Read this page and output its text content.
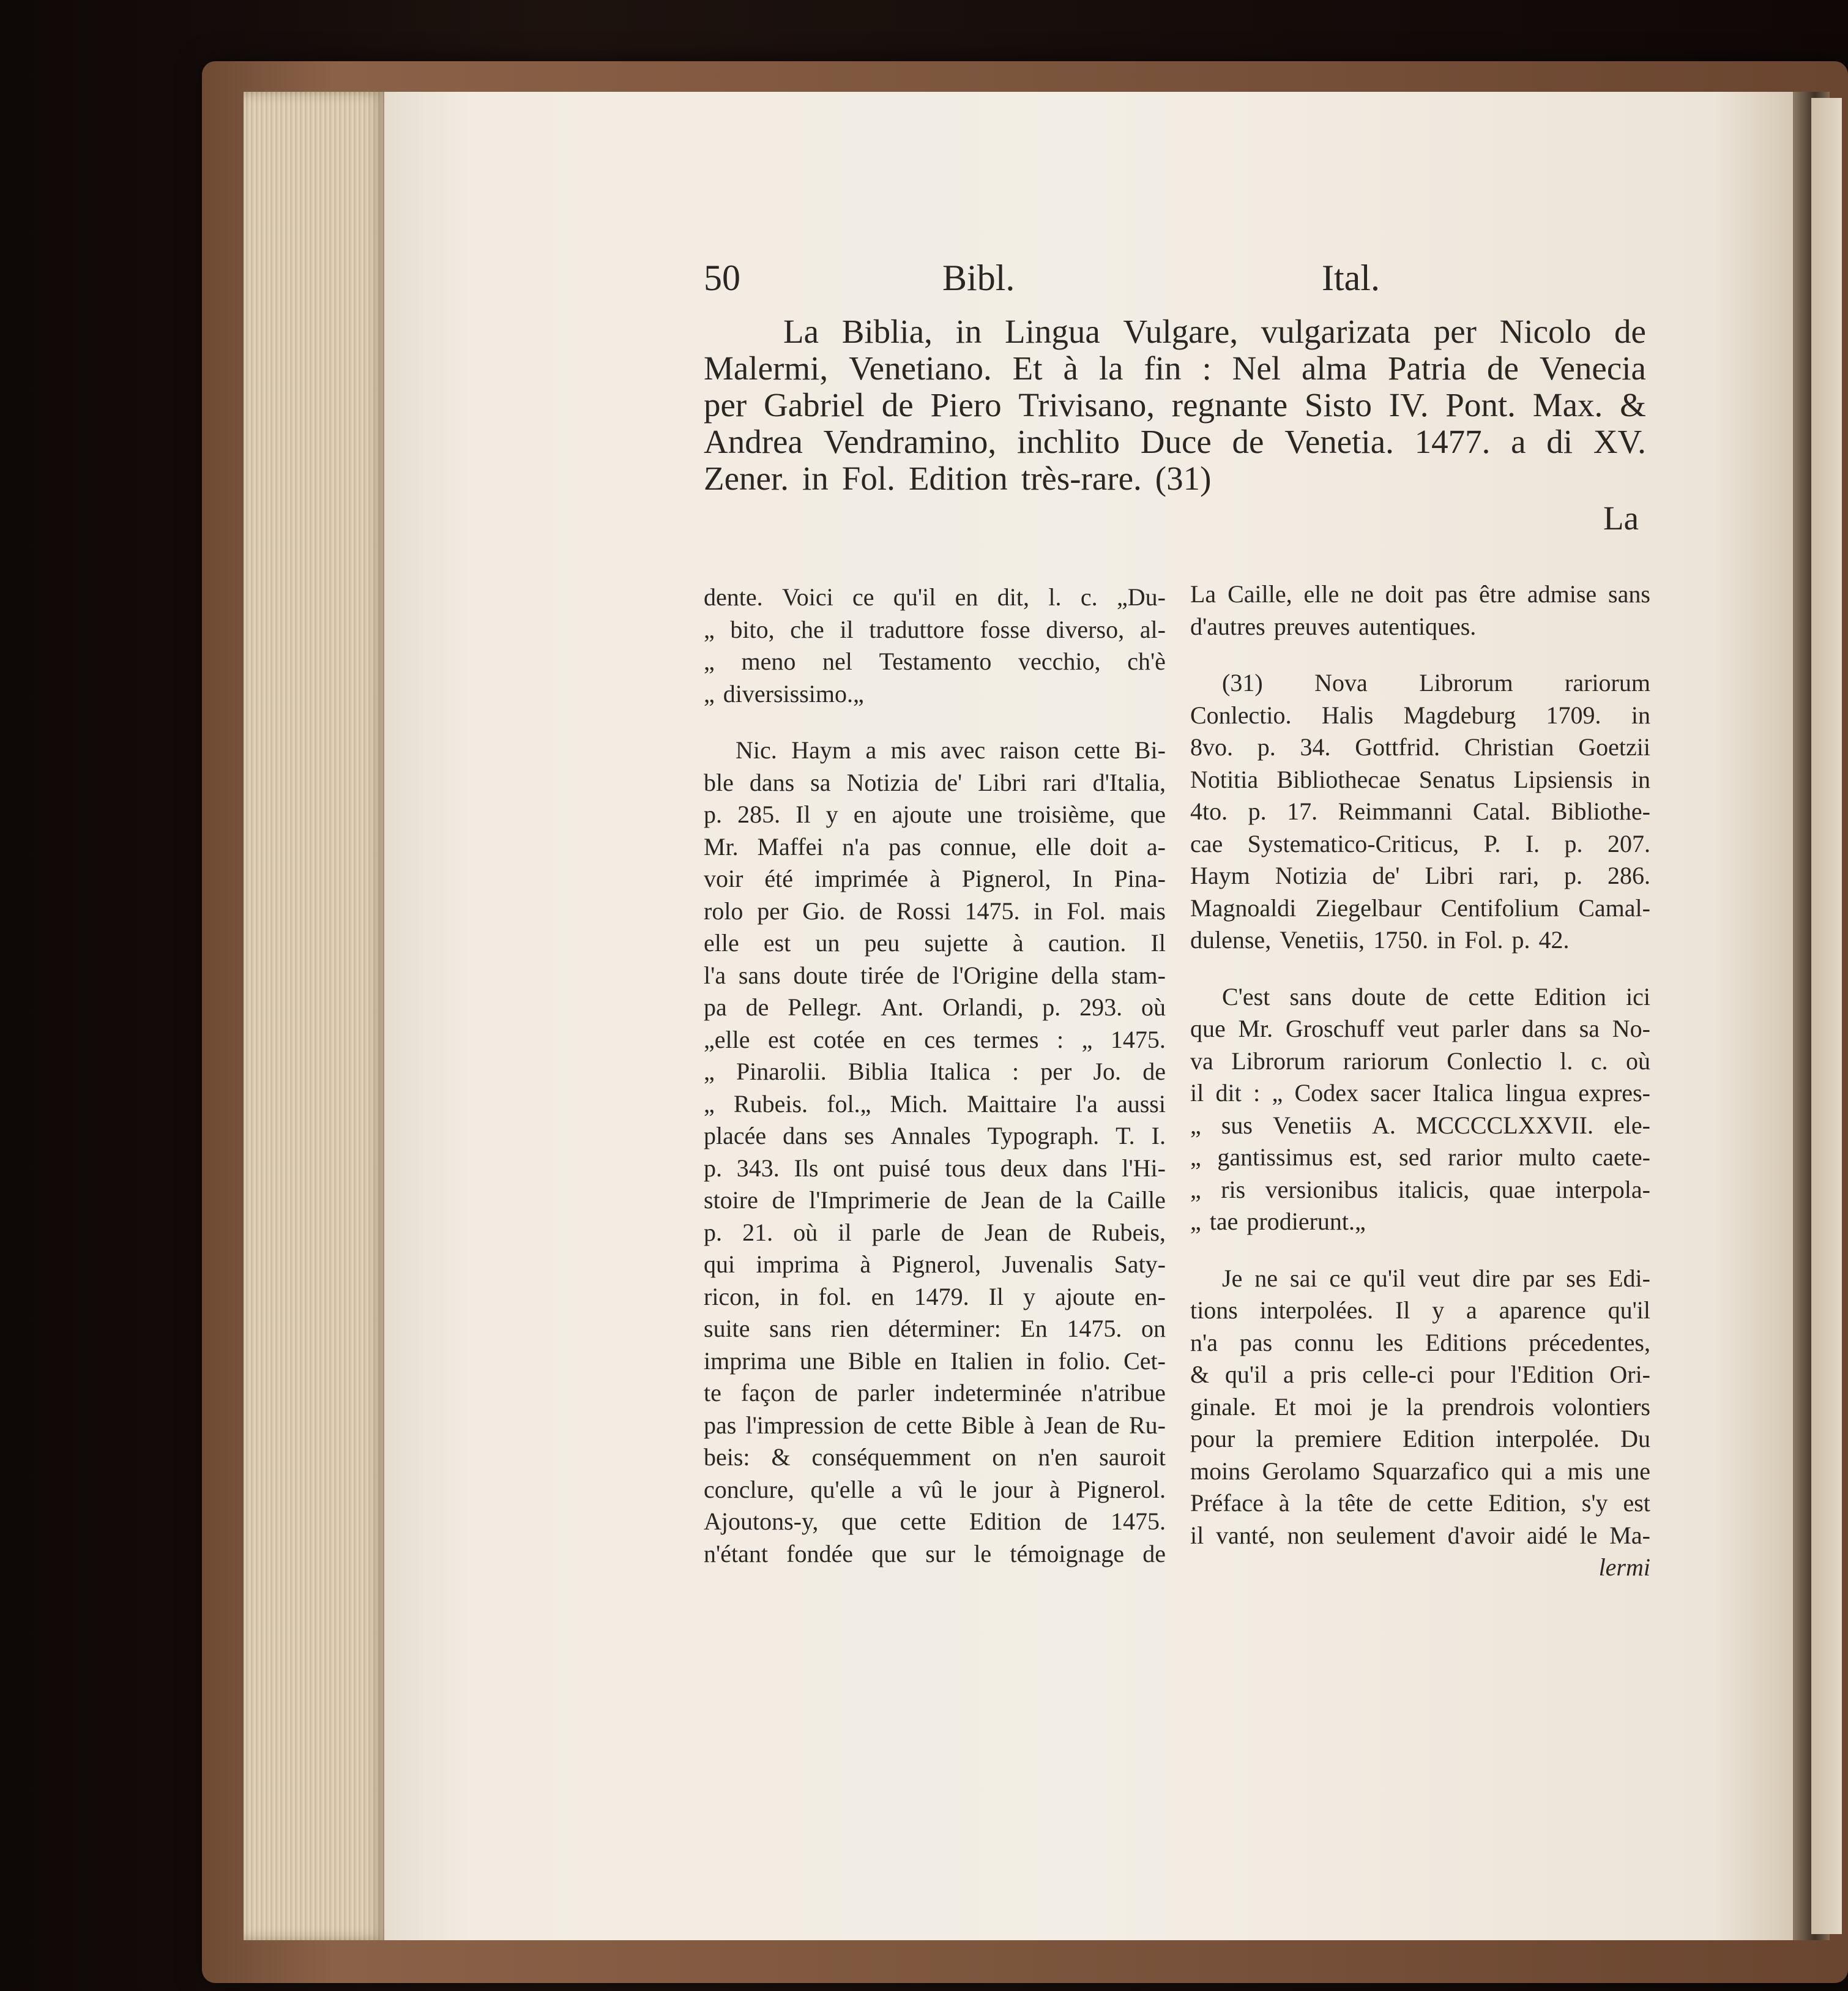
50	Bibl.	Ital.
La Biblia, in Lingua Vulgare, vulgarizata per Nicolo de
Malermi, Venetiano. Et à la fin : Nel alma Patria de Venecia
per Gabriel de Piero Trivisano, regnante Sisto IV. Pont. Max. &
Andrea Vendramino, inchlito Duce de Venetia. 1477. a di XV.
Zener. in Fol. Edition très-rare. (31)
La
dente. Voici ce qu'il en dit, l. c. „Du-
„ bito, che il traduttore fosse diverso, al-
„ meno nel Testamento vecchio, ch'è
„ diversissimo.„
Nic. Haym a mis avec raison cette Bi-
ble dans sa Notizia de' Libri rari d'Italia,
p. 285. Il y en ajoute une troisième, que
Mr. Maffei n'a pas connue, elle doit a-
voir été imprimée à Pignerol, In Pina-
rolo per Gio. de Rossi 1475. in Fol. mais
elle est un peu sujette à caution. Il
l'a sans doute tirée de l'Origine della stam-
pa de Pellegr. Ant. Orlandi, p. 293. où
„elle est cotée en ces termes : „ 1475.
„ Pinarolii. Biblia Italica : per Jo. de
„ Rubeis. fol.„ Mich. Maittaire l'a aussi
placée dans ses Annales Typograph. T. I.
p. 343. Ils ont puisé tous deux dans l'Hi-
stoire de l'Imprimerie de Jean de la Caille
p. 21. où il parle de Jean de Rubeis,
qui imprima à Pignerol, Juvenalis Saty-
ricon, in fol. en 1479. Il y ajoute en-
suite sans rien déterminer: En 1475. on
imprima une Bible en Italien in folio. Cet-
te façon de parler indeterminée n'atribue
pas l'impression de cette Bible à Jean de Ru-
beis: & conséquemment on n'en sauroit
conclure, qu'elle a vû le jour à Pignerol.
Ajoutons-y, que cette Edition de 1475.
n'étant fondée que sur le témoignage de
La Caille, elle ne doit pas être admise sans
d'autres preuves autentiques.
(31) Nova Librorum rariorum
Conlectio. Halis Magdeburg 1709. in
8vo. p. 34. Gottfrid. Christian Goetzii
Notitia Bibliothecae Senatus Lipsiensis in
4to. p. 17. Reimmanni Catal. Bibliothe-
cae Systematico-Criticus, P. I. p. 207.
Haym Notizia de' Libri rari, p. 286.
Magnoaldi Ziegelbaur Centifolium Camal-
dulense, Venetiis, 1750. in Fol. p. 42.
C'est sans doute de cette Edition ici
que Mr. Groschuff veut parler dans sa No-
va Librorum rariorum Conlectio l. c. où
il dit : „ Codex sacer Italica lingua expres-
„ sus Venetiis A. MCCCCLXXVII. ele-
„ gantissimus est, sed rarior multo caete-
„ ris versionibus italicis, quae interpola-
„ tae prodierunt.„
Je ne sai ce qu'il veut dire par ses Edi-
tions interpolées. Il y a aparence qu'il
n'a pas connu les Editions précedentes,
& qu'il a pris celle-ci pour l'Edition Ori-
ginale. Et moi je la prendrois volontiers
pour la premiere Edition interpolée. Du
moins Gerolamo Squarzafico qui a mis une
Préface à la tête de cette Edition, s'y est
il vanté, non seulement d'avoir aidé le Ma-
lermi
